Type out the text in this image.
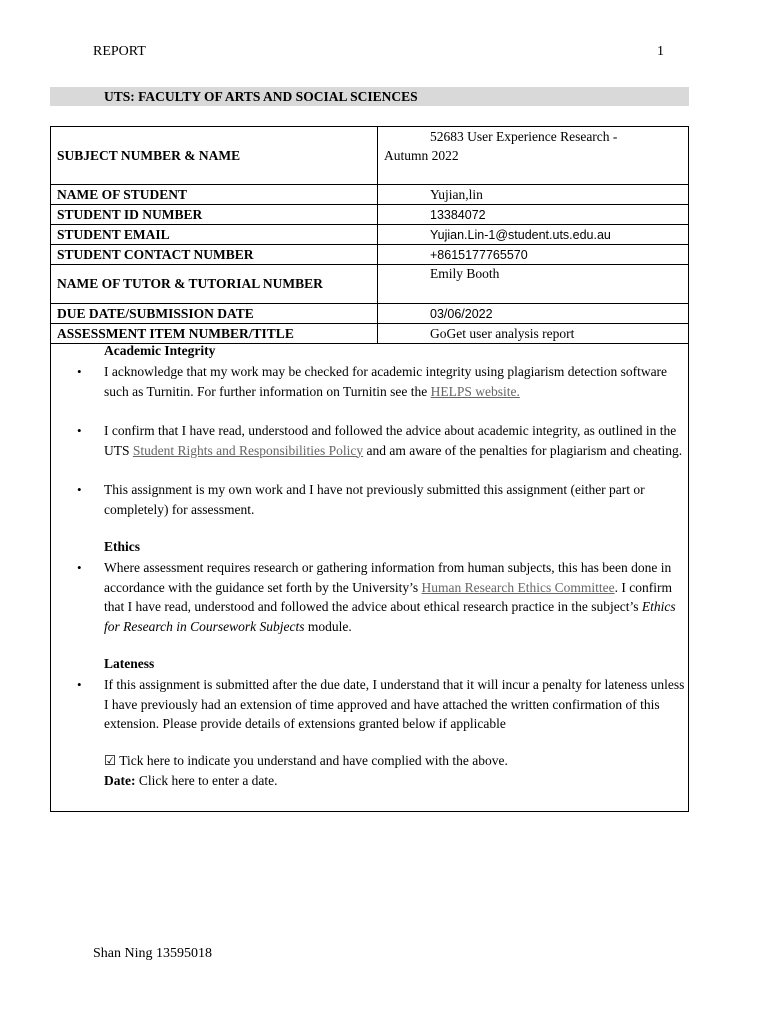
REPORT	1
UTS: FACULTY OF ARTS AND SOCIAL SCIENCES
SUBJECT NUMBER & NAME	52683 User Experience Research -
Autumn 2022
NAME OF STUDENT	Yujian,lin
STUDENT ID NUMBER	13384072
STUDENT EMAIL	Yujian.Lin-1@student.uts.edu.au
STUDENT CONTACT NUMBER	+8615177765570
NAME OF TUTOR & TUTORIAL NUMBER	Emily Booth
DUE DATE/SUBMISSION DATE	03/06/2022
ASSESSMENT ITEM NUMBER/TITLE	GoGet user analysis report
Academic Integrity
• I acknowledge that my work may be checked for academic integrity using plagiarism detection software such as Turnitin. For further information on Turnitin see the HELPS website.
• I confirm that I have read, understood and followed the advice about academic integrity, as outlined in the UTS Student Rights and Responsibilities Policy and am aware of the penalties for plagiarism and cheating.
• This assignment is my own work and I have not previously submitted this assignment (either part or completely) for assessment.
Ethics
• Where assessment requires research or gathering information from human subjects, this has been done in accordance with the guidance set forth by the University’s Human Research Ethics Committee. I confirm that I have read, understood and followed the advice about ethical research practice in the subject’s Ethics for Research in Coursework Subjects module.
Lateness
• If this assignment is submitted after the due date, I understand that it will incur a penalty for lateness unless I have previously had an extension of time approved and have attached the written confirmation of this extension. Please provide details of extensions granted below if applicable
☑ Tick here to indicate you understand and have complied with the above.
Date: Click here to enter a date.
Shan Ning 13595018
